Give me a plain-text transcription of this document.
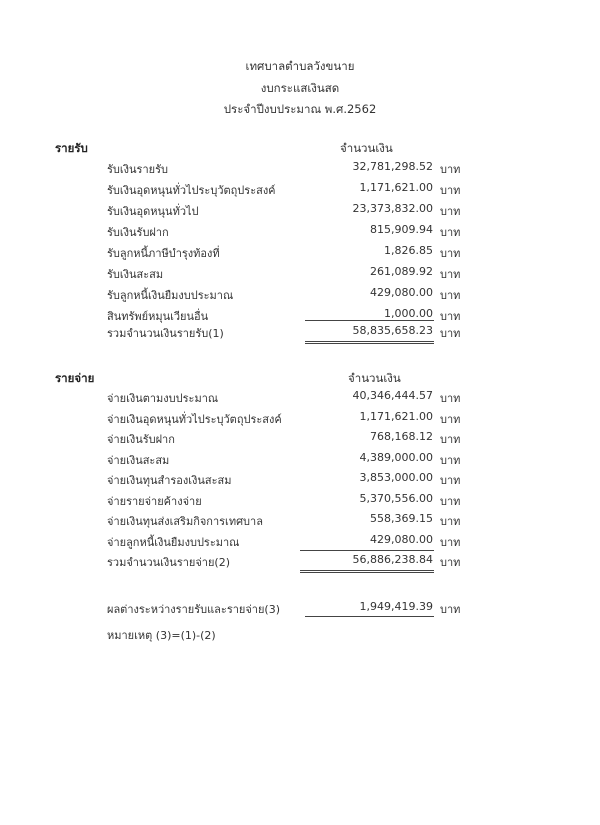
เทศบาลตำบลวังขนาย
งบกระแสเงินสด
ประจำปีงบประมาณ พ.ศ.2562
รายรับ	จำนวนเงิน
รับเงินรายรับ	32,781,298.52 บาท
รับเงินอุดหนุนทั่วไประบุวัตถุประสงค์	1,171,621.00 บาท
รับเงินอุดหนุนทั่วไป	23,373,832.00 บาท
รับเงินรับฝาก	815,909.94 บาท
รับลูกหนี้ภาษีบำรุงท้องที่	1,826.85 บาท
รับเงินสะสม	261,089.92 บาท
รับลูกหนี้เงินยืมงบประมาณ	429,080.00 บาท
สินทรัพย์หมุนเวียนอื่น	1,000.00 บาท
รวมจำนวนเงินรายรับ(1)	58,835,658.23 บาท
รายจ่าย	จำนวนเงิน
จ่ายเงินตามงบประมาณ	40,346,444.57 บาท
จ่ายเงินอุดหนุนทั่วไประบุวัตถุประสงค์	1,171,621.00 บาท
จ่ายเงินรับฝาก	768,168.12 บาท
จ่ายเงินสะสม	4,389,000.00 บาท
จ่ายเงินทุนสำรองเงินสะสม	3,853,000.00 บาท
จ่ายรายจ่ายค้างจ่าย	5,370,556.00 บาท
จ่ายเงินทุนส่งเสริมกิจการเทศบาล	558,369.15 บาท
จ่ายลูกหนี้เงินยืมงบประมาณ	429,080.00 บาท
รวมจำนวนเงินรายจ่าย(2)	56,886,238.84 บาท
ผลต่างระหว่างรายรับและรายจ่าย(3)	1,949,419.39 บาท
หมายเหตุ (3)=(1)-(2)
